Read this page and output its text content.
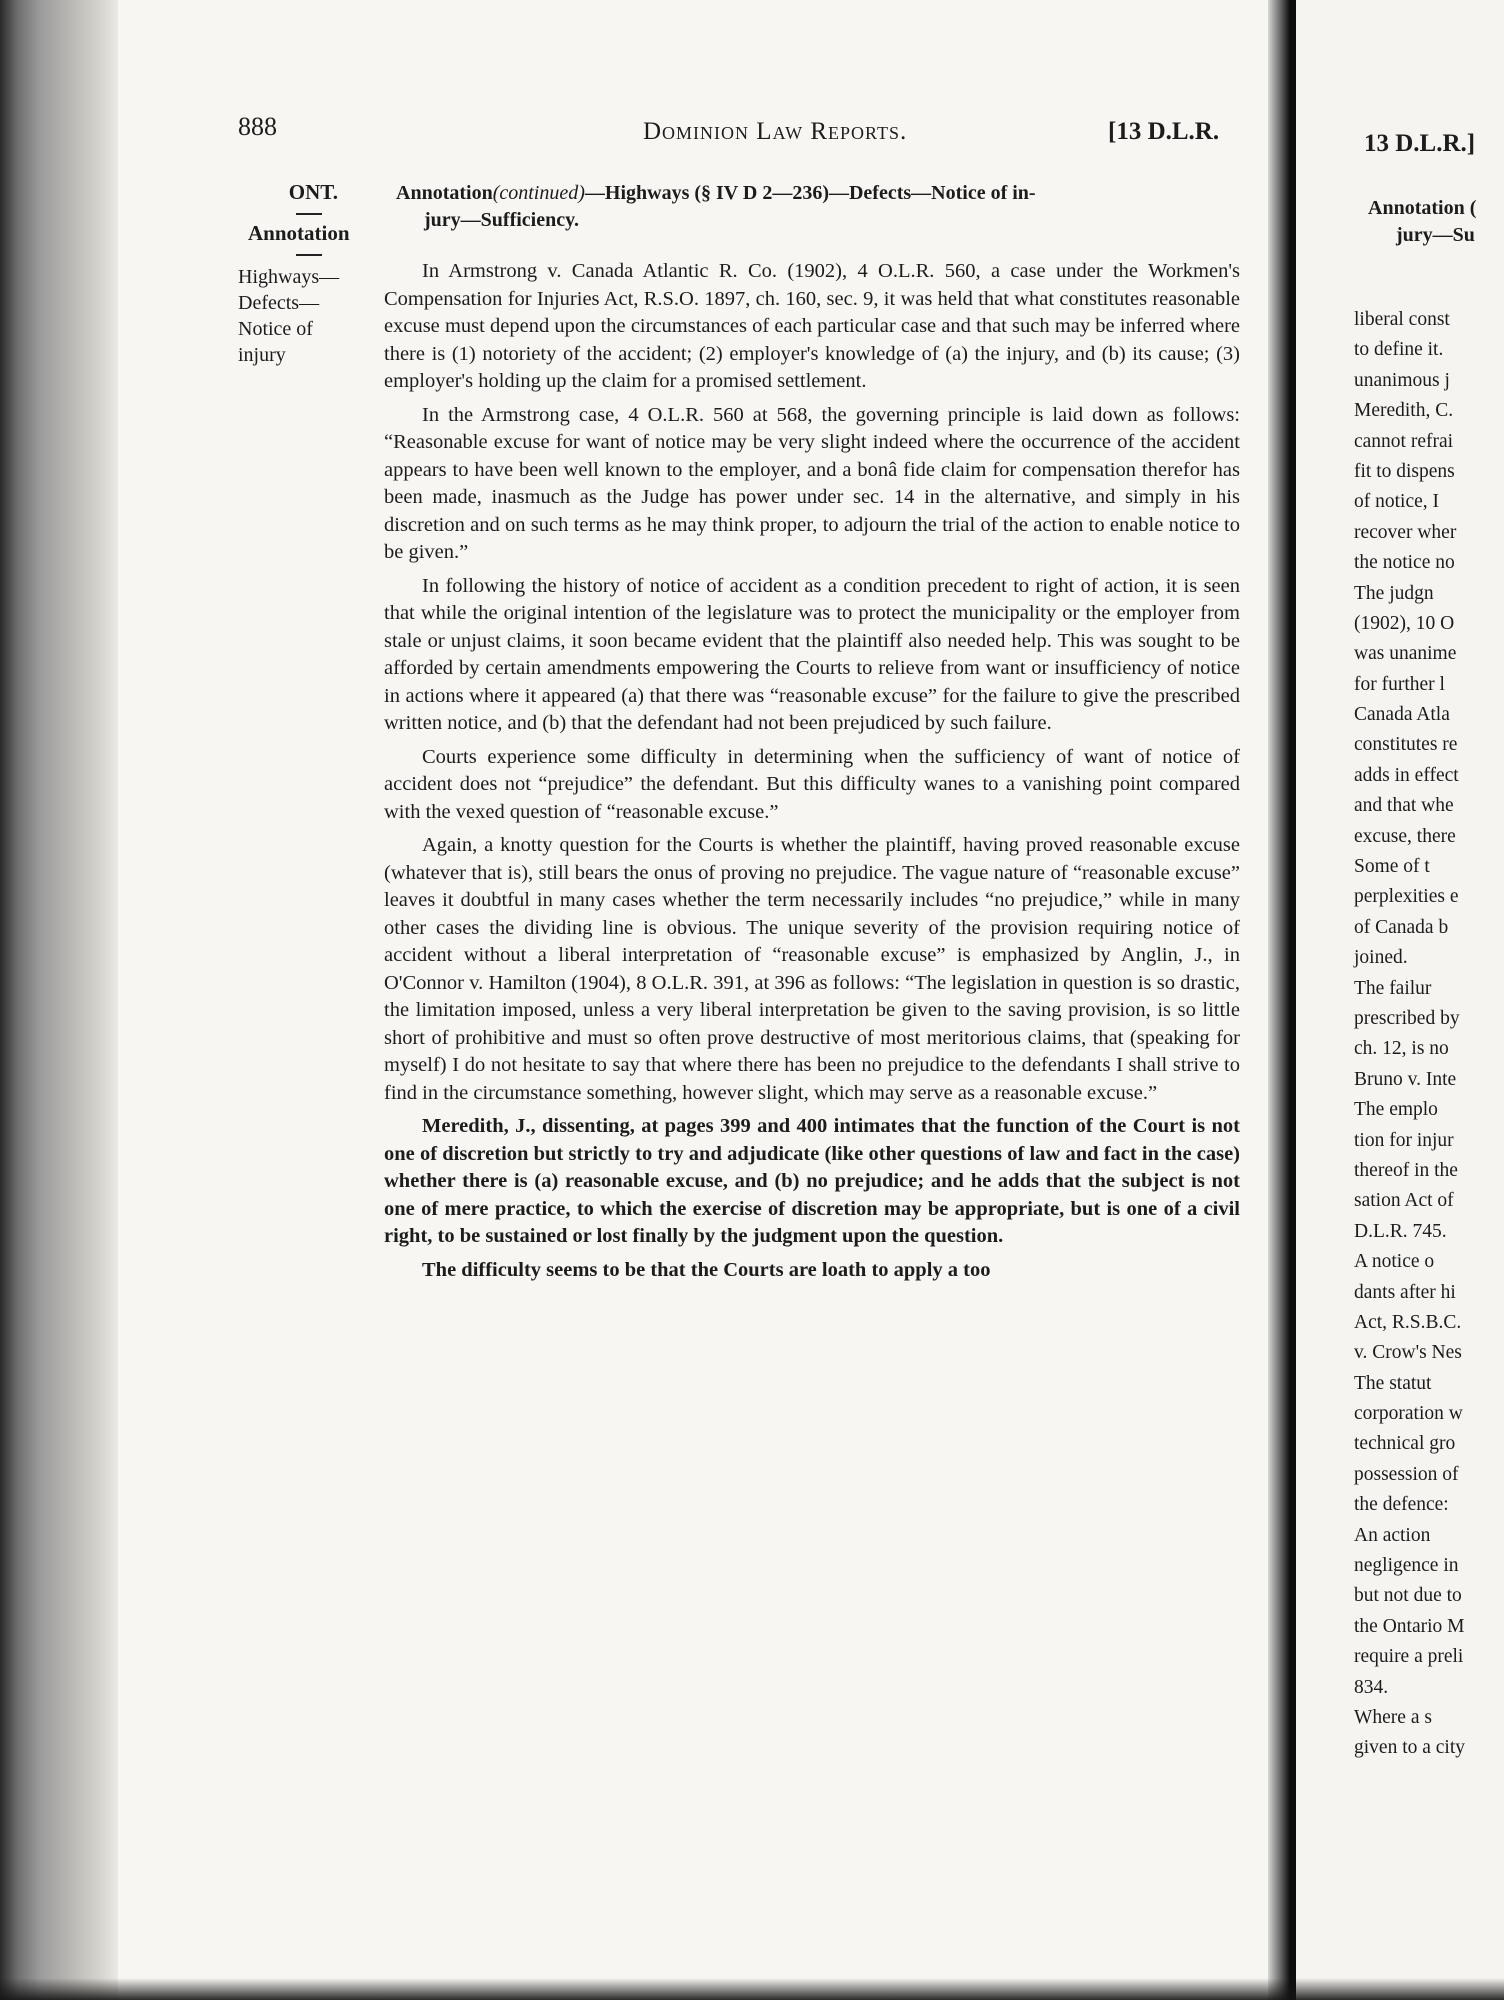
888	Dominion Law Reports.	[13 D.L.R.
ONT.
Annotation
Highways—
Defects—
Notice of
injury
Annotation(continued)—Highways (§ IV D 2—236)—Defects—Notice of in-
jury—Sufficiency.

In Armstrong v. Canada Atlantic R. Co. (1902), 4 O.L.R. 560, a case under the Workmen's Compensation for Injuries Act, R.S.O. 1897, ch. 160, sec. 9, it was held that what constitutes reasonable excuse must depend upon the circumstances of each particular case and that such may be inferred where there is (1) notoriety of the accident; (2) employer's knowledge of (a) the injury, and (b) its cause; (3) employer's holding up the claim for a promised settlement.

In the Armstrong case, 4 O.L.R. 560 at 568, the governing principle is laid down as follows: “Reasonable excuse for want of notice may be very slight indeed where the occurrence of the accident appears to have been well known to the employer, and a bonâ fide claim for compensation therefor has been made, inasmuch as the Judge has power under sec. 14 in the alternative, and simply in his discretion and on such terms as he may think proper, to adjourn the trial of the action to enable notice to be given.”

In following the history of notice of accident as a condition precedent to right of action, it is seen that while the original intention of the legislature was to protect the municipality or the employer from stale or unjust claims, it soon became evident that the plaintiff also needed help. This was sought to be afforded by certain amendments empowering the Courts to relieve from want or insufficiency of notice in actions where it appeared (a) that there was “reasonable excuse” for the failure to give the prescribed written notice, and (b) that the defendant had not been prejudiced by such failure.

Courts experience some difficulty in determining when the sufficiency of want of notice of accident does not “prejudice” the defendant. But this difficulty wanes to a vanishing point compared with the vexed question of “reasonable excuse.”

Again, a knotty question for the Courts is whether the plaintiff, having proved reasonable excuse (whatever that is), still bears the onus of proving no prejudice. The vague nature of “reasonable excuse” leaves it doubtful in many cases whether the term necessarily includes “no prejudice,” while in many other cases the dividing line is obvious. The unique severity of the provision requiring notice of accident without a liberal interpretation of “reasonable excuse” is emphasized by Anglin, J., in O'Connor v. Hamilton (1904), 8 O.L.R. 391, at 396 as follows: “The legislation in question is so drastic, the limitation imposed, unless a very liberal interpretation be given to the saving provision, is so little short of prohibitive and must so often prove destructive of most meritorious claims, that (speaking for myself) I do not hesitate to say that where there has been no prejudice to the defendants I shall strive to find in the circumstance something, however slight, which may serve as a reasonable excuse.”

Meredith, J., dissenting, at pages 399 and 400 intimates that the function of the Court is not one of discretion but strictly to try and adjudicate (like other questions of law and fact in the case) whether there is (a) reasonable excuse, and (b) no prejudice; and he adds that the subject is not one of mere practice, to which the exercise of discretion may be appropriate, but is one of a civil right, to be sustained or lost finally by the judgment upon the question.

The difficulty seems to be that the Courts are loath to apply a too

13 D.L.R.]
Annotation (
jury—Su
liberal const
to define it.
unanimous j
Meredith, C.
cannot refrai
fit to dispens
of notice, I
recover wher
the notice no
The judgn
(1902), 10 O
was unanime
for further l
Canada Atla
constitutes re
adds in effect
and that whe
excuse, there
Some of t
perplexities e
of Canada b
joined.
The failur
prescribed by
ch. 12, is no
Bruno v. Inte
The emplo
tion for injur
thereof in the
sation Act of
D.L.R. 745.
A notice o
dants after hi
Act, R.S.B.C.
v. Crow's Nes
The statut
corporation w
technical gro
possession of
the defence:
An action
negligence in
but not due to
the Ontario M
require a preli
834.
Where a s
given to a city
